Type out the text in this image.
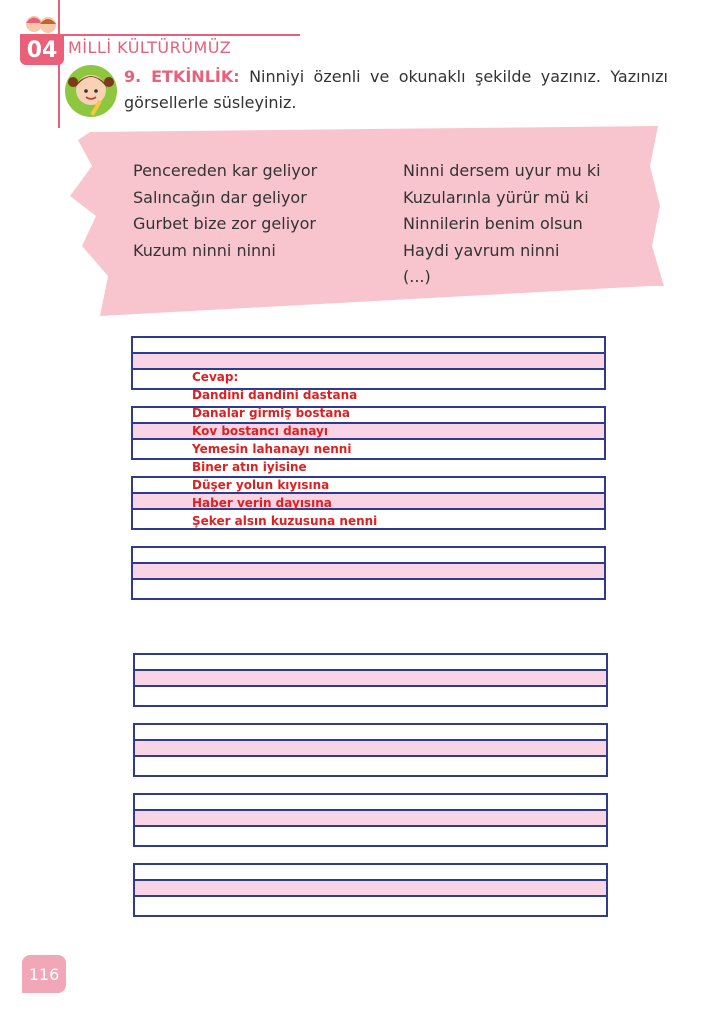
04 MİLLİ KÜLTÜRÜMÜZ
9. ETKİNLİK: Ninniyi özenli ve okunaklı şekilde yazınız. Yazınızı görsellerle süsleyiniz.
Pencereden kar geliyor
Salıncağın dar geliyor
Gurbet bize zor geliyor
Kuzum ninni ninni
Ninni dersem uyur mu ki
Kuzularınla yürür mü ki
Ninnilerin benim olsun
Haydi yavrum ninni
(...)
Cevap:
Dandini dandini dastana
Danalar girmiş bostana
Kov bostancı danayı
Yemesin lahanayı nenni
Biner atın iyisine
Düşer yolun kıyısına
Haber verin dayısına
Şeker alsın kuzusuna nenni
116
